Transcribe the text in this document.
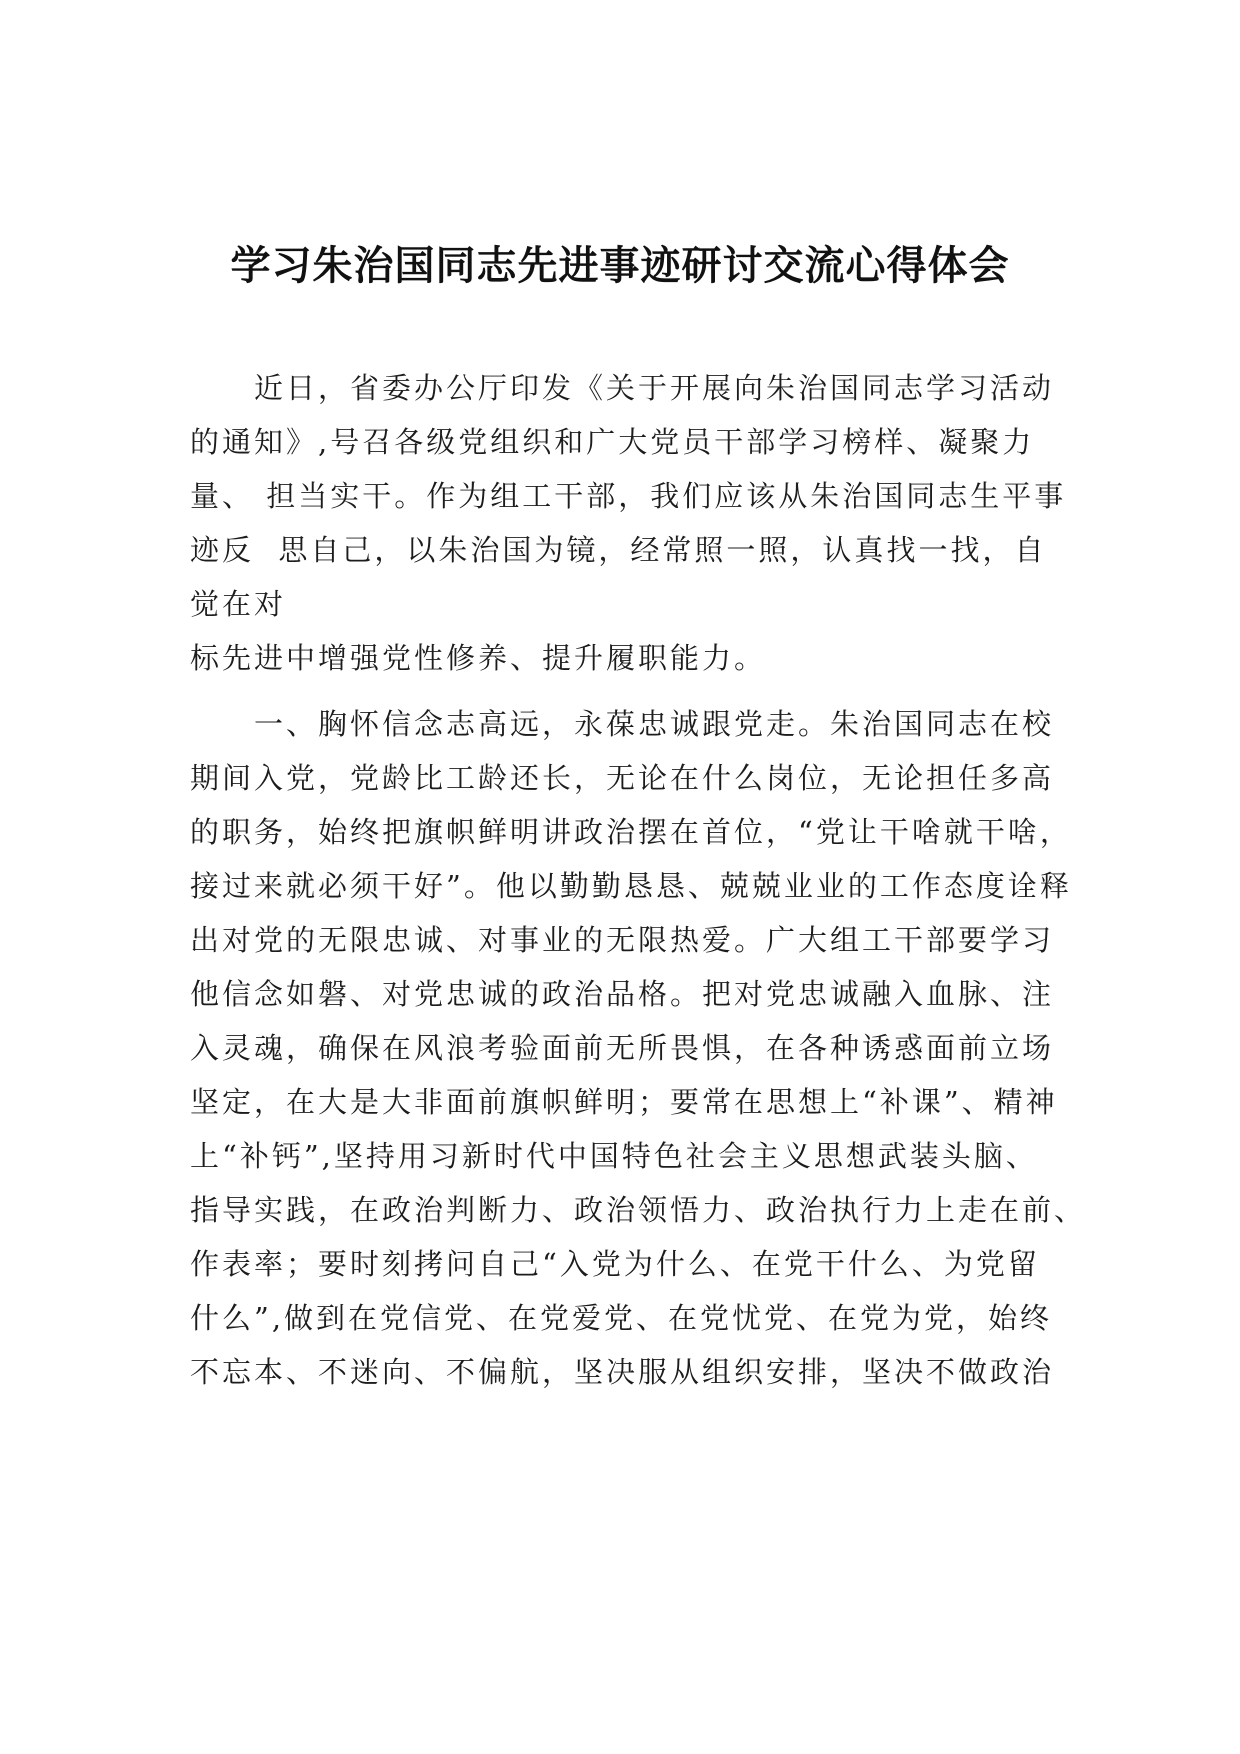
学习朱治国同志先进事迹研讨交流心得体会

　　近日，省委办公厅印发《关于开展向朱治国同志学习活动

的通知》,号召各级党组织和广大党员干部学习榜样、凝聚力

量、 担当实干。作为组工干部，我们应该从朱治国同志生平事

迹反  思自己，以朱治国为镜，经常照一照，认真找一找，自

觉在对

标先进中增强党性修养、提升履职能力。

　　一、胸怀信念志高远，永葆忠诚跟党走。朱治国同志在校

期间入党，党龄比工龄还长，无论在什么岗位，无论担任多高

的职务，始终把旗帜鲜明讲政治摆在首位，“党让干啥就干啥，

接过来就必须干好”。他以勤勤恳恳、兢兢业业的工作态度诠释

出对党的无限忠诚、对事业的无限热爱。广大组工干部要学习

他信念如磐、对党忠诚的政治品格。把对党忠诚融入血脉、注

入灵魂，确保在风浪考验面前无所畏惧，在各种诱惑面前立场

坚定，在大是大非面前旗帜鲜明；要常在思想上“补课”、精神

上“补钙”,坚持用习新时代中国特色社会主义思想武装头脑、

指导实践，在政治判断力、政治领悟力、政治执行力上走在前、

作表率；要时刻拷问自己“入党为什么、在党干什么、为党留

什么”,做到在党信党、在党爱党、在党忧党、在党为党，始终

不忘本、不迷向、不偏航，坚决服从组织安排，坚决不做政治
